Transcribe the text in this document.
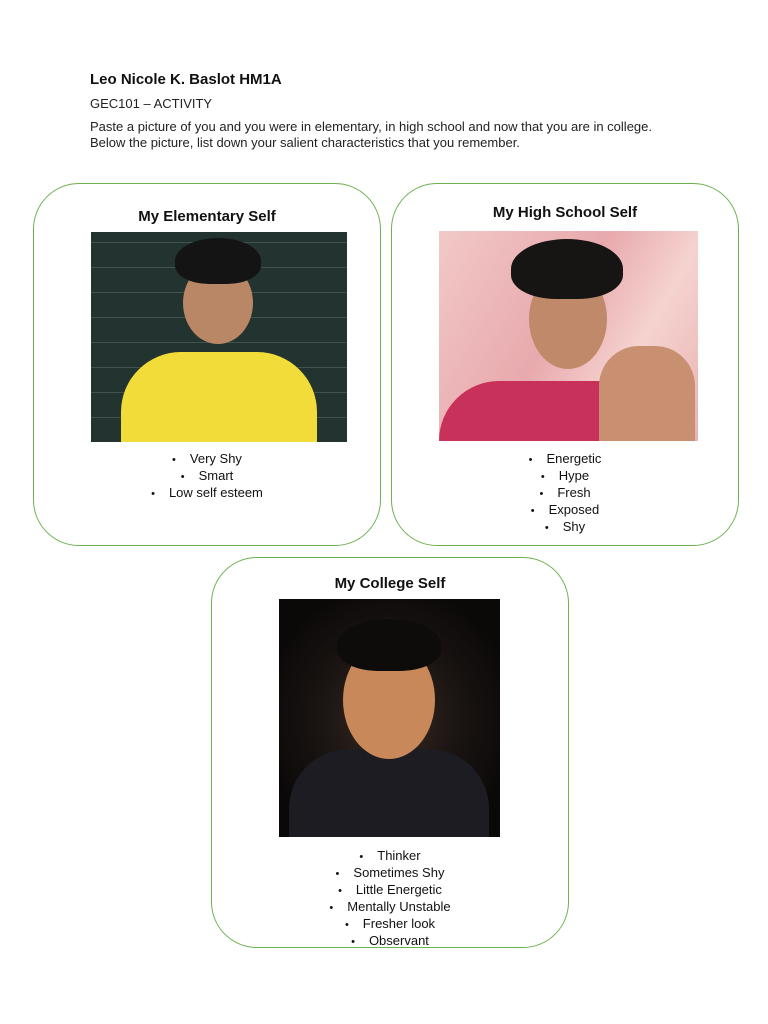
Leo Nicole K. Baslot HM1A

GEC101 – ACTIVITY

Paste a picture of you and you were in elementary, in high school and now that you are in college. Below the picture, list down your salient characteristics that you remember.

My Elementary Self
• Very Shy
• Smart
• Low self esteem
My High School Self
• Energetic
• Hype
• Fresh
• Exposed
• Shy
My College Self
• Thinker
• Sometimes Shy
• Little Energetic
• Mentally Unstable
• Fresher look
• Observant
